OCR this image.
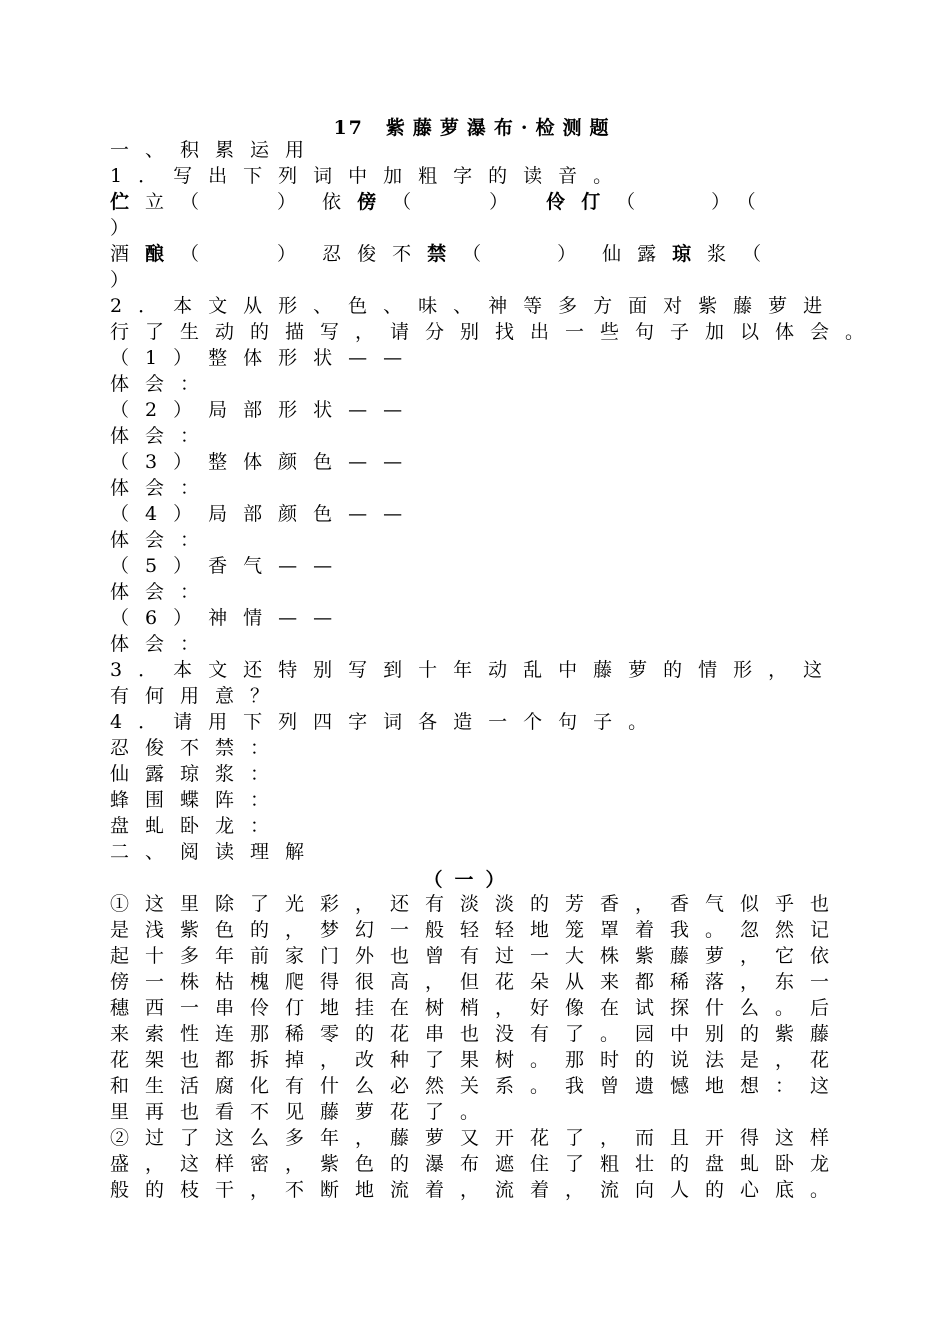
17 紫藤萝瀑布·检测题
一、积累运用
1．写出下列词中加粗字的读音。
伫立（	） 依傍（	） 伶仃（	）（
）
酒酿（	） 忍俊不禁（	） 仙露琼浆（
）
2．本文从形、色、味、神等多方面对紫藤萝进
行了生动的描写，请分别找出一些句子加以体会。
（1）整体形状——
体会：
（2）局部形状——
体会：
（3）整体颜色——
体会：
（4）局部颜色——
体会：
（5）香气——
体会：
（6）神情——
体会：
3．本文还特别写到十年动乱中藤萝的情形，这
有何用意？
4．请用下列四字词各造一个句子。
忍俊不禁：
仙露琼浆：
蜂围蝶阵：
盘虬卧龙：
二、阅读理解
（一）
①这里除了光彩，还有淡淡的芳香，香气似乎也
是浅紫色的，梦幻一般轻轻地笼罩着我。忽然记
起十多年前家门外也曾有过一大株紫藤萝，它依
傍一株枯槐爬得很高，但花朵从来都稀落，东一
穗西一串伶仃地挂在树梢，好像在试探什么。后
来索性连那稀零的花串也没有了。园中别的紫藤
花架也都拆掉，改种了果树。那时的说法是，花
和生活腐化有什么必然关系。我曾遗憾地想：这
里再也看不见藤萝花了。
②过了这么多年，藤萝又开花了，而且开得这样
盛，这样密，紫色的瀑布遮住了粗壮的盘虬卧龙
般的枝干，不断地流着，流着，流向人的心底。
